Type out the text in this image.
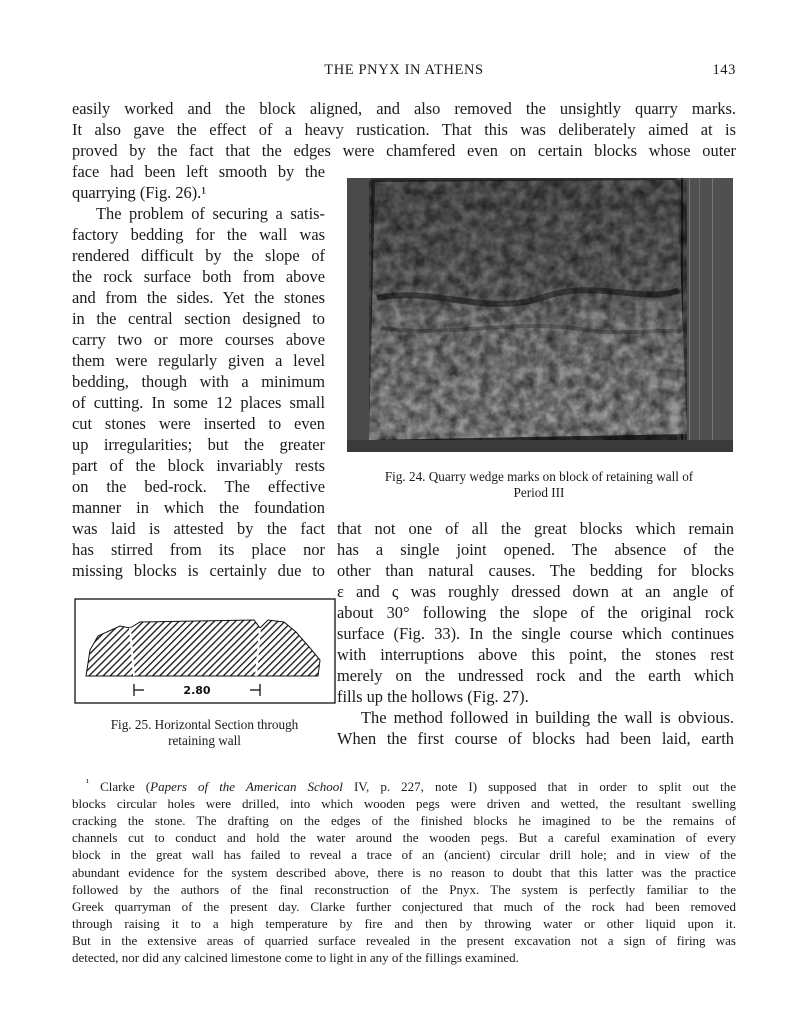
THE PNYX IN ATHENS	143
easily worked and the block aligned, and also removed the unsightly quarry marks.
It also gave the effect of a heavy rustication. That this was deliberately aimed at is
proved by the fact that the edges were chamfered even on certain blocks whose outer
face had been left smooth by the
quarrying (Fig. 26).¹
The problem of securing a satis-
factory bedding for the wall was
rendered difficult by the slope of
the rock surface both from above
and from the sides. Yet the stones
in the central section designed to
carry two or more courses above
them were regularly given a level
bedding, though with a minimum
of cutting. In some 12 places small
cut stones were inserted to even
up irregularities; but the greater
part of the block invariably rests
on the bed-rock. The effective
manner in which the foundation
was laid is attested by the fact
has stirred from its place nor
missing blocks is certainly due to
Fig. 24. Quarry wedge marks on block of retaining wall of
Period III
that not one of all the great blocks which remain
has a single joint opened. The absence of the
other than natural causes. The bedding for blocks
ε and ς was roughly dressed down at an angle of
about 30° following the slope of the original rock
surface (Fig. 33). In the single course which continues
with interruptions above this point, the stones rest
merely on the undressed rock and the earth which
fills up the hollows (Fig. 27).
The method followed in building the wall is obvious.
When the first course of blocks had been laid, earth
2.80
Fig. 25. Horizontal Section through
retaining wall
$^{^1}$ Clarke (Papers of the American School IV, p. 227, note I) supposed that in order to split out the
blocks circular holes were drilled, into which wooden pegs were driven and wetted, the resultant swelling
cracking the stone. The drafting on the edges of the finished blocks he imagined to be the remains of
channels cut to conduct and hold the water around the wooden pegs. But a careful examination of every
block in the great wall has failed to reveal a trace of an (ancient) circular drill hole; and in view of the
abundant evidence for the system described above, there is no reason to doubt that this latter was the practice
followed by the authors of the final reconstruction of the Pnyx. The system is perfectly familiar to the
Greek quarryman of the present day. Clarke further conjectured that much of the rock had been removed
through raising it to a high temperature by fire and then by throwing water or other liquid upon it.
But in the extensive areas of quarried surface revealed in the present excavation not a sign of firing was
detected, nor did any calcined limestone come to light in any of the fillings examined.
